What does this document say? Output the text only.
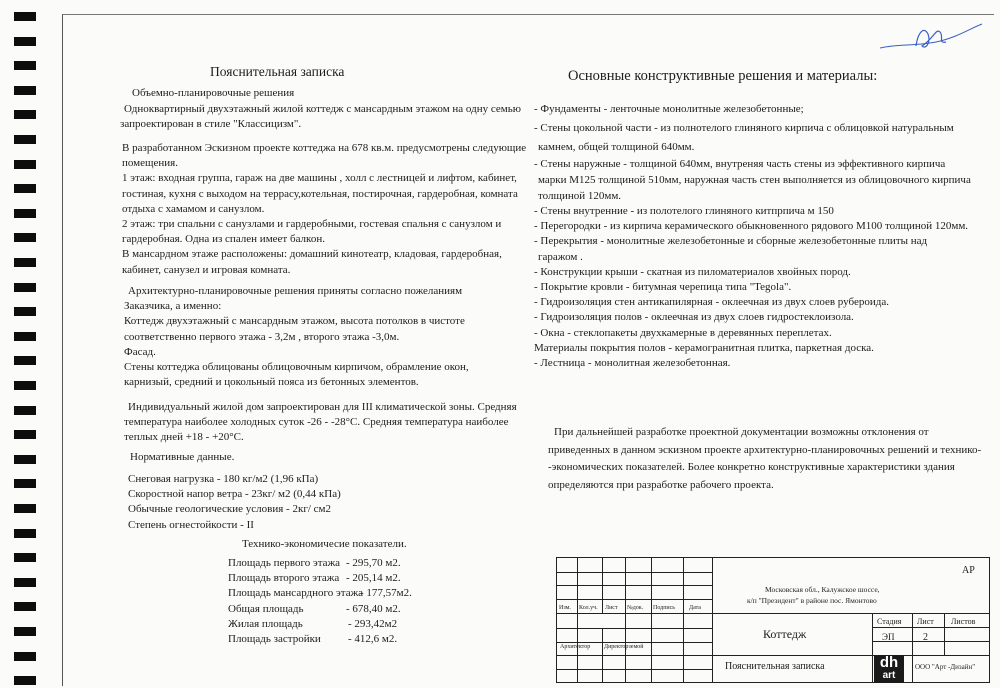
Пояснительная записка
Объемно-планировочные решения
Одноквартирный двухэтажный жилой коттедж с мансардным этажом на одну семью
запроектирован в стиле "Классицизм".
В разработанном Эскизном проекте коттеджа на 678 кв.м. предусмотрены следующие
помещения.
1 этаж: входная группа, гараж на две машины , холл с лестницей и лифтом, кабинет,
гостиная, кухня с выходом на террасу,котельная, постирочная, гардеробная, комната
отдыха с хамамом и санузлом.
2 этаж: три спальни с санузлами и гардеробными, гостевая спальня с санузлом и
гардеробная. Одна из спален имеет балкон.
В мансардном этаже расположены: домашний кинотеатр, кладовая, гардеробная,
кабинет, санузел и игровая комната.
Архитектурно-планировочные решения приняты согласно пожеланиям
Заказчика, а именно:
Коттедж двухэтажный с мансардным этажом, высота потолков в чистоте
соответственно первого этажа - 3,2м , второго этажа -3,0м.
Фасад.
Стены коттеджа облицованы облицовочным кирпичом, обрамление окон,
карнизый, средний и цокольный пояса из бетонных элементов.
Индивидуальный жилой дом запроектирован для III климатической зоны. Средняя
температура наиболее холодных суток -26 - -28°С. Средняя температура наиболее
теплых дней +18 - +20°С.
Нормативные данные.
Снеговая нагрузка - 180 кг/м2 (1,96 кПа)
Скоростной напор ветра - 23кг/ м2 (0,44 кПа)
Обычные геологические условия - 2кг/ см2
Степень огнестойкости - II
Технико-экономичесие показатели.
Площадь первого этажа - 295,70 м2.
Площадь второго этажа - 205,14 м2.
Площадь мансардного этажа
- 177,57м2.
Общая площадь	- 678,40 м2.
Жилая площадь	- 293,42м2
Площадь застройки - 412,6 м2.
Основные конструктивные решения и материалы:
- Фундаменты - ленточные монолитные железобетонные;
- Стены цокольной части - из полнотелого глиняного кирпича с облицовкой натуральным
камнем, общей толщиной 640мм.
- Стены наружные - толщиной 640мм, внутреняя часть стены из эффективного кирпича
марки М125 толщиной 510мм, наружная часть стен выполняется из облицовочного кирпича
толщиной 120мм.
- Стены внутренние - из полотелого глиняного китпрпича м 150
- Перегородки - из кирпича керамического обыкновенного рядового М100 толщиной 120мм.
- Перекрытия - монолитные железобетонные и сборные железобетонные плиты над
гаражом .
- Конструкции крыши - скатная из пиломатериалов хвойных пород.
- Покрытие кровли - битумная черепица типа "Tegola".
- Гидроизоляция стен антикапилярная - оклеечная из двух слоев рубероида.
- Гидроизоляция полов - оклеечная из двух слоев гидростеклоизола.
- Окна - стеклопакеты двухкамерные в деревянных переплетах.
Материалы покрытия полов - керамогранитная плитка, паркетная доска.
- Лестница - монолитная железобетонная.
При дальнейшей разработке проектной документации возможны отклонения от
приведенных в данном эскизном проекте архитектурно-планировочных решений и технико-
-экономических показателей. Более конкретно конструктивные характеристики здания
определяются при разработке рабочего проекта.
АР
Московская обл., Калужское шоссе,
к/п "Президент" в районе пос. Ямонтово
Изм. Кол.уч. Лист №док. Подпись Дата
Архитектор Директорземой
Коттедж
Стадия Лист Листов
ЭП	2
Пояснительная записка	ООО "Арт -Дизайн"
dh
art
